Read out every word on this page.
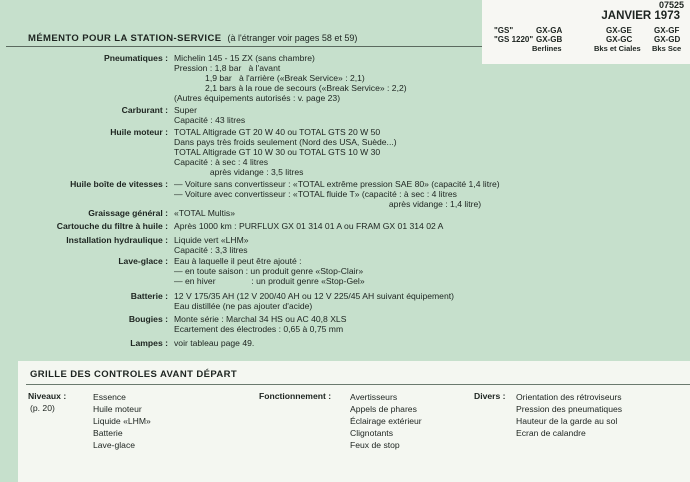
07525
JANVIER 1973
"GS"
"GS 1220"
GX-GA
GX-GB
Berlines
GX-GE
GX-GC
Bks et Ciales
GX-GF
GX-GD
Bks Sce
MÉMENTO POUR LA STATION-SERVICE (à l'étranger voir pages 58 et 59)
Pneumatiques : Michelin 145 - 15 ZX (sans chambre)
Pression : 1,8 bar   à l'avant
1,9 bar   à l'arrière («Break Service» : 2,1)
2,1 bars à la roue de secours («Break Service» : 2,2)
(Autres équipements autorisés : v. page 23)
Carburant : Super
Capacité : 43 litres
Huile moteur : TOTAL Altigrade GT 20 W 40 ou TOTAL GTS 20 W 50
Dans pays très froids seulement (Nord des USA, Suède...)
TOTAL Altigrade GT 10 W 30 ou TOTAL GTS 10 W 30
Capacité : à sec : 4 litres
après vidange : 3,5 litres
Huile boîte de vitesses : — Voiture sans convertisseur : «TOTAL extrême pression SAE 80» (capacité 1,4 litre)
— Voiture avec convertisseur : «TOTAL fluide T» (capacité : à sec : 4 litres
après vidange : 1,4 litre)
Graissage général : «TOTAL Multis»
Cartouche du filtre à huile : Après 1000 km : PURFLUX GX 01 314 01 A ou FRAM GX 01 314 02 A
Installation hydraulique : Liquide vert «LHM»
Capacité : 3,3 litres
Lave-glace : Eau à laquelle il peut être ajouté :
— en toute saison : un produit genre «Stop-Clair»
— en hiver               : un produit genre «Stop-Gel»
Batterie : 12 V 175/35 AH (12 V 200/40 AH ou 12 V 225/45 AH suivant équipement)
Eau distillée (ne pas ajouter d'acide)
Bougies : Monte série : Marchal 34 HS ou AC 40,8 XLS
Ecartement des électrodes : 0,65 à 0,75 mm
Lampes : voir tableau page 49.
GRILLE DES CONTROLES AVANT DÉPART
Niveaux :
(p. 20)
Essence
Huile moteur
Liquide «LHM»
Batterie
Lave-glace
Fonctionnement : Avertisseurs
Appels de phares
Éclairage extérieur
Clignotants
Feux de stop
Divers : Orientation des rétroviseurs
Pression des pneumatiques
Hauteur de la garde au sol
Ecran de calandre
